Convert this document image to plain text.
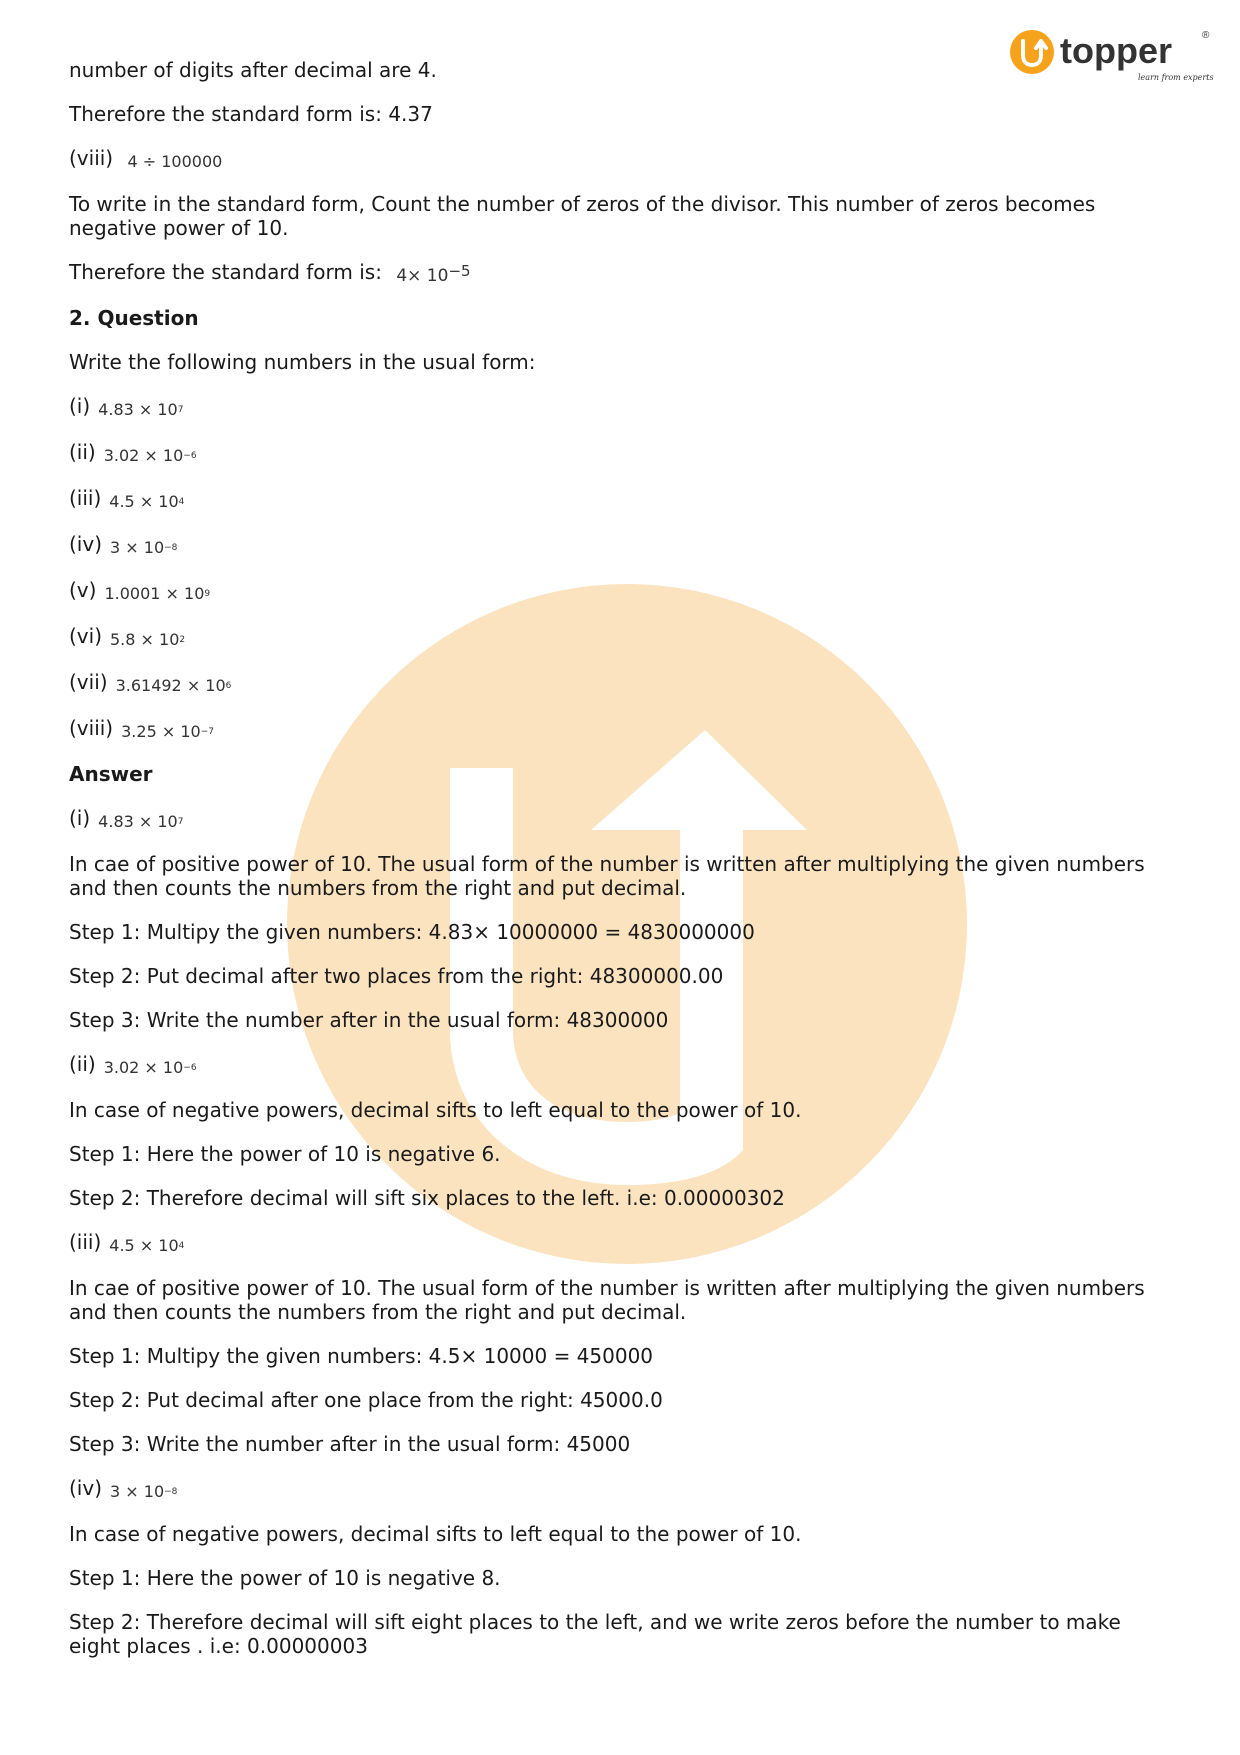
topper	®
learn from experts

number of digits after decimal are 4.

Therefore the standard form is: 4.37

(viii) 4 ÷ 100000

To write in the standard form, Count the number of zeros of the divisor. This number of zeros becomes negative power of 10.

Therefore the standard form is: $4\times 10^{-5}$

2. Question

Write the following numbers in the usual form:

(i) $4.83 \times 10^7$
(ii) $3.02 \times 10^{-6}$
(iii) $4.5 \times 10^4$
(iv) $3 \times 10^{-8}$
(v) $1.0001 \times 10^9$
(vi) $5.8 \times 10^2$
(vii) $3.61492 \times 10^6$
(viii) $3.25 \times 10^{-7}$

Answer

(i) $4.83 \times 10^7$

In cae of positive power of 10. The usual form of the number is written after multiplying the given numbers and then counts the numbers from the right and put decimal.

Step 1: Multipy the given numbers: 4.83× 10000000 = 4830000000

Step 2: Put decimal after two places from the right: 48300000.00

Step 3: Write the number after in the usual form: 48300000

(ii) $3.02 \times 10^{-6}$

In case of negative powers, decimal sifts to left equal to the power of 10.

Step 1: Here the power of 10 is negative 6.

Step 2: Therefore decimal will sift six places to the left. i.e: 0.00000302

(iii) $4.5 \times 10^4$

In cae of positive power of 10. The usual form of the number is written after multiplying the given numbers and then counts the numbers from the right and put decimal.

Step 1: Multipy the given numbers: 4.5× 10000 = 450000

Step 2: Put decimal after one place from the right: 45000.0

Step 3: Write the number after in the usual form: 45000

(iv) $3 \times 10^{-8}$

In case of negative powers, decimal sifts to left equal to the power of 10.

Step 1: Here the power of 10 is negative 8.

Step 2: Therefore decimal will sift eight places to the left, and we write zeros before the number to make eight places . i.e: 0.00000003
